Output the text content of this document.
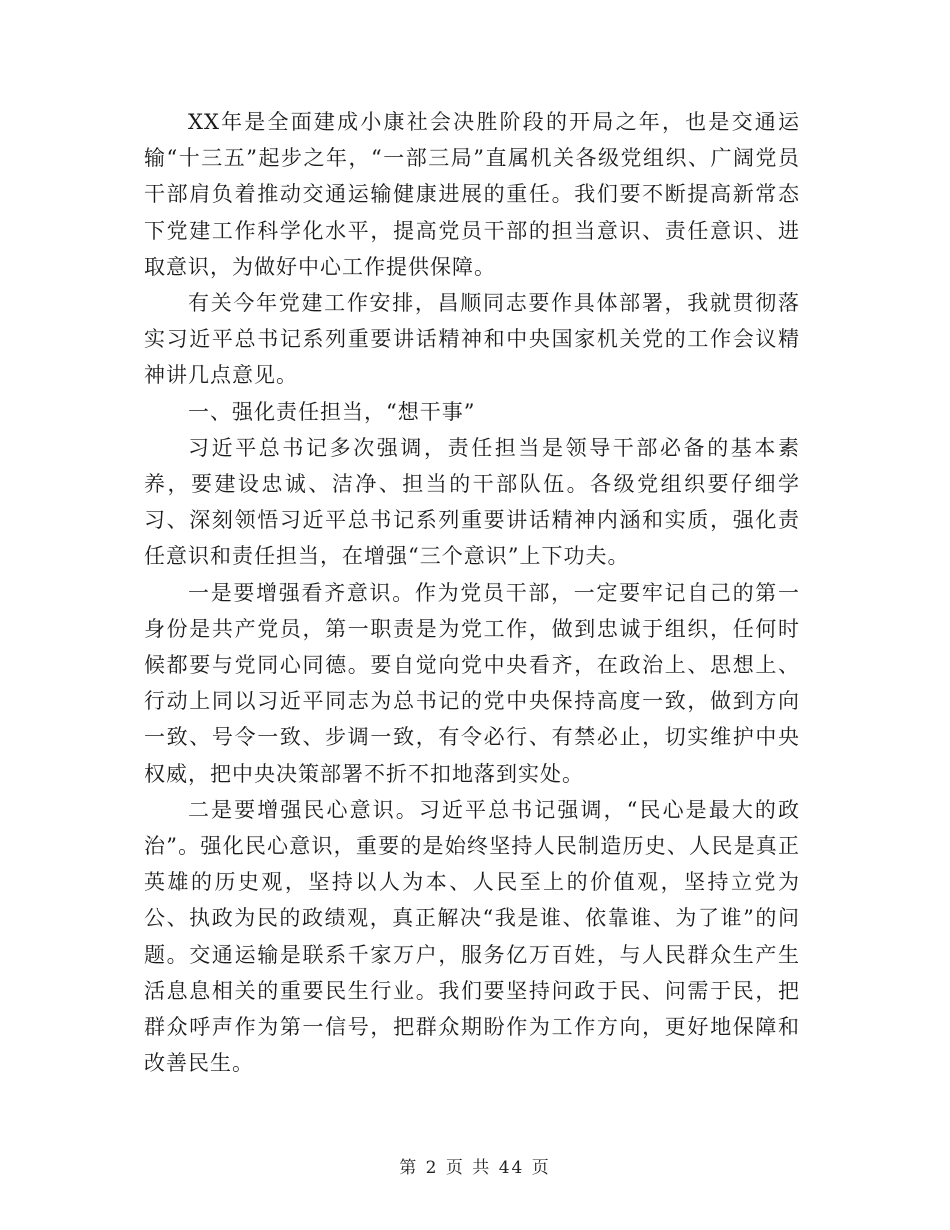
XX年是全面建成小康社会决胜阶段的开局之年，也是交通运输“十三五”起步之年，“一部三局”直属机关各级党组织、广阔党员干部肩负着推动交通运输健康进展的重任。我们要不断提高新常态下党建工作科学化水平，提高党员干部的担当意识、责任意识、进取意识，为做好中心工作提供保障。

有关今年党建工作安排，昌顺同志要作具体部署，我就贯彻落实习近平总书记系列重要讲话精神和中央国家机关党的工作会议精神讲几点意见。

一、强化责任担当，“想干事”

习近平总书记多次强调，责任担当是领导干部必备的基本素养，要建设忠诚、洁净、担当的干部队伍。各级党组织要仔细学习、深刻领悟习近平总书记系列重要讲话精神内涵和实质，强化责任意识和责任担当，在增强“三个意识”上下功夫。

一是要增强看齐意识。作为党员干部，一定要牢记自己的第一身份是共产党员，第一职责是为党工作，做到忠诚于组织，任何时候都要与党同心同德。要自觉向党中央看齐，在政治上、思想上、行动上同以习近平同志为总书记的党中央保持高度一致，做到方向一致、号令一致、步调一致，有令必行、有禁必止，切实维护中央权威，把中央决策部署不折不扣地落到实处。

二是要增强民心意识。习近平总书记强调，“民心是最大的政治”。强化民心意识，重要的是始终坚持人民制造历史、人民是真正英雄的历史观，坚持以人为本、人民至上的价值观，坚持立党为公、执政为民的政绩观，真正解决“我是谁、依靠谁、为了谁”的问题。交通运输是联系千家万户，服务亿万百姓，与人民群众生产生活息息相关的重要民生行业。我们要坚持问政于民、问需于民，把群众呼声作为第一信号，把群众期盼作为工作方向，更好地保障和改善民生。

第 2 页 共 44 页
